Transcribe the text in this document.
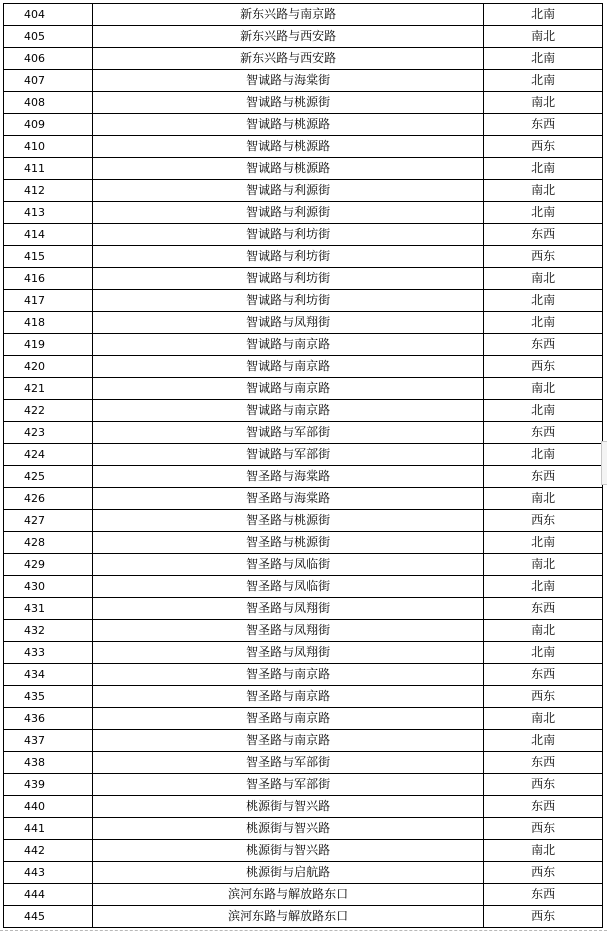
404	新东兴路与南京路	北南
405	新东兴路与西安路	南北
406	新东兴路与西安路	北南
407	智诚路与海棠街	北南
408	智诚路与桃源街	南北
409	智诚路与桃源路	东西
410	智诚路与桃源路	西东
411	智诚路与桃源路	北南
412	智诚路与利源街	南北
413	智诚路与利源街	北南
414	智诚路与利坊街	东西
415	智诚路与利坊街	西东
416	智诚路与利坊街	南北
417	智诚路与利坊街	北南
418	智诚路与凤翔街	北南
419	智诚路与南京路	东西
420	智诚路与南京路	西东
421	智诚路与南京路	南北
422	智诚路与南京路	北南
423	智诚路与军部街	东西
424	智诚路与军部街	北南
425	智圣路与海棠路	东西
426	智圣路与海棠路	南北
427	智圣路与桃源街	西东
428	智圣路与桃源街	北南
429	智圣路与凤临街	南北
430	智圣路与凤临街	北南
431	智圣路与凤翔街	东西
432	智圣路与凤翔街	南北
433	智圣路与凤翔街	北南
434	智圣路与南京路	东西
435	智圣路与南京路	西东
436	智圣路与南京路	南北
437	智圣路与南京路	北南
438	智圣路与军部街	东西
439	智圣路与军部街	西东
440	桃源街与智兴路	东西
441	桃源街与智兴路	西东
442	桃源街与智兴路	南北
443	桃源街与启航路	西东
444	滨河东路与解放路东口	东西
445	滨河东路与解放路东口	西东
